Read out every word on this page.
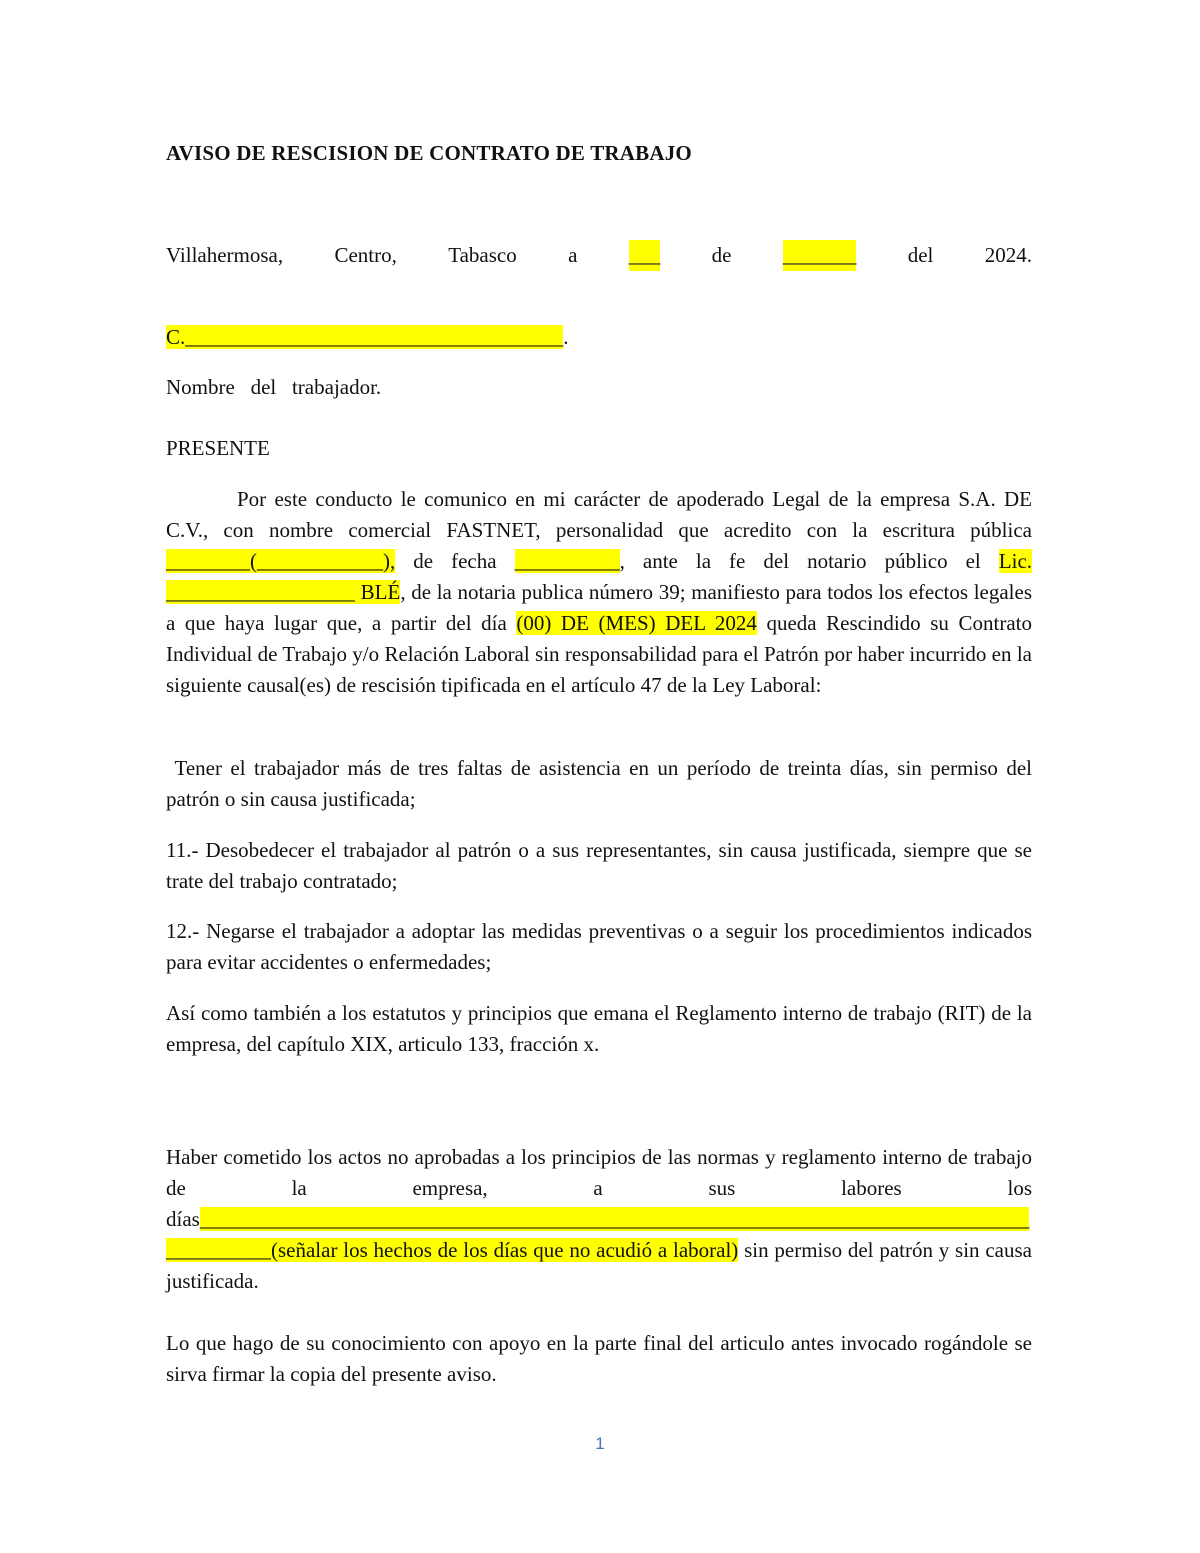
AVISO DE RESCISION DE CONTRATO DE TRABAJO
Villahermosa, Centro, Tabasco a ___ de _______ del 2024.
C.____________________________________.
Nombre   del   trabajador.
PRESENTE

Por este conducto le comunico en mi carácter de apoderado Legal de la empresa S.A. DE C.V., con nombre comercial FASTNET, personalidad que acredito con la escritura pública ________(____________), de fecha __________, ante la fe del notario público el Lic. __________________ BLÉ, de la notaria publica número 39; manifiesto para todos los efectos legales a que haya lugar que, a partir del día (00) DE (MES) DEL 2024 queda Rescindido su Contrato Individual de Trabajo y/o Relación Laboral sin responsabilidad para el Patrón por haber incurrido en la siguiente causal(es) de rescisión tipificada en el artículo 47 de la Ley Laboral:

Tener el trabajador más de tres faltas de asistencia en un período de treinta días, sin permiso del patrón o sin causa justificada;

11.- Desobedecer el trabajador al patrón o a sus representantes, sin causa justificada, siempre que se trate del trabajo contratado;

12.- Negarse el trabajador a adoptar las medidas preventivas o a seguir los procedimientos indicados para evitar accidentes o enfermedades;

Así como también a los estatutos y principios que emana el Reglamento interno de trabajo (RIT) de la empresa, del capítulo XIX, articulo 133, fracción x.

Haber cometido los actos no aprobadas a los principios de las normas y reglamento interno de trabajo de la empresa, a sus labores los días_______________________________________________________________________________
__________(señalar los hechos de los días que no acudió a laboral) sin permiso del patrón y sin causa justificada.

Lo que hago de su conocimiento con apoyo en la parte final del articulo antes invocado rogándole se sirva firmar la copia del presente aviso.

1
